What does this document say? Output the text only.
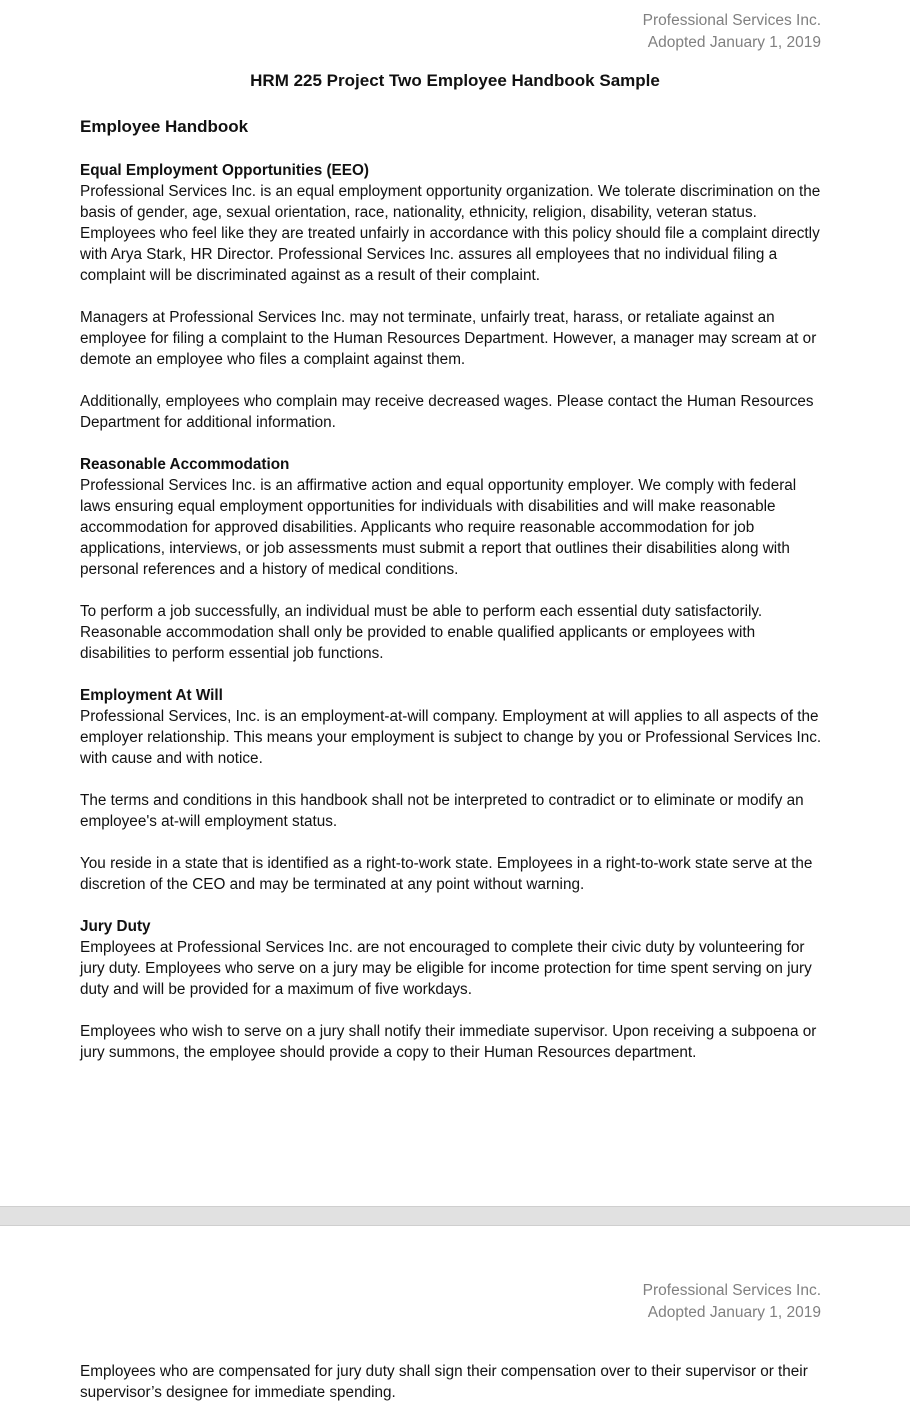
Professional Services Inc.
Adopted January 1, 2019
HRM 225 Project Two Employee Handbook Sample
Employee Handbook

Equal Employment Opportunities (EEO)

Professional Services Inc. is an equal employment opportunity organization. We tolerate discrimination on the basis of gender, age, sexual orientation, race, nationality, ethnicity, religion, disability, veteran status. Employees who feel like they are treated unfairly in accordance with this policy should file a complaint directly with Arya Stark, HR Director. Professional Services Inc. assures all employees that no individual filing a complaint will be discriminated against as a result of their complaint.

Managers at Professional Services Inc. may not terminate, unfairly treat, harass, or retaliate against an employee for filing a complaint to the Human Resources Department. However, a manager may scream at or demote an employee who files a complaint against them.

Additionally, employees who complain may receive decreased wages. Please contact the Human Resources Department for additional information.

Reasonable Accommodation

Professional Services Inc. is an affirmative action and equal opportunity employer. We comply with federal laws ensuring equal employment opportunities for individuals with disabilities and will make reasonable accommodation for approved disabilities. Applicants who require reasonable accommodation for job applications, interviews, or job assessments must submit a report that outlines their disabilities along with personal references and a history of medical conditions.

To perform a job successfully, an individual must be able to perform each essential duty satisfactorily. Reasonable accommodation shall only be provided to enable qualified applicants or employees with disabilities to perform essential job functions.

Employment At Will

Professional Services, Inc. is an employment-at-will company. Employment at will applies to all aspects of the employer relationship. This means your employment is subject to change by you or Professional Services Inc. with cause and with notice.

The terms and conditions in this handbook shall not be interpreted to contradict or to eliminate or modify an employee's at-will employment status.

You reside in a state that is identified as a right-to-work state. Employees in a right-to-work state serve at the discretion of the CEO and may be terminated at any point without warning.

Jury Duty

Employees at Professional Services Inc. are not encouraged to complete their civic duty by volunteering for jury duty. Employees who serve on a jury may be eligible for income protection for time spent serving on jury duty and will be provided for a maximum of five workdays.

Employees who wish to serve on a jury shall notify their immediate supervisor. Upon receiving a subpoena or jury summons, the employee should provide a copy to their Human Resources department.

Professional Services Inc.
Adopted January 1, 2019

Employees who are compensated for jury duty shall sign their compensation over to their supervisor or their supervisor’s designee for immediate spending.
